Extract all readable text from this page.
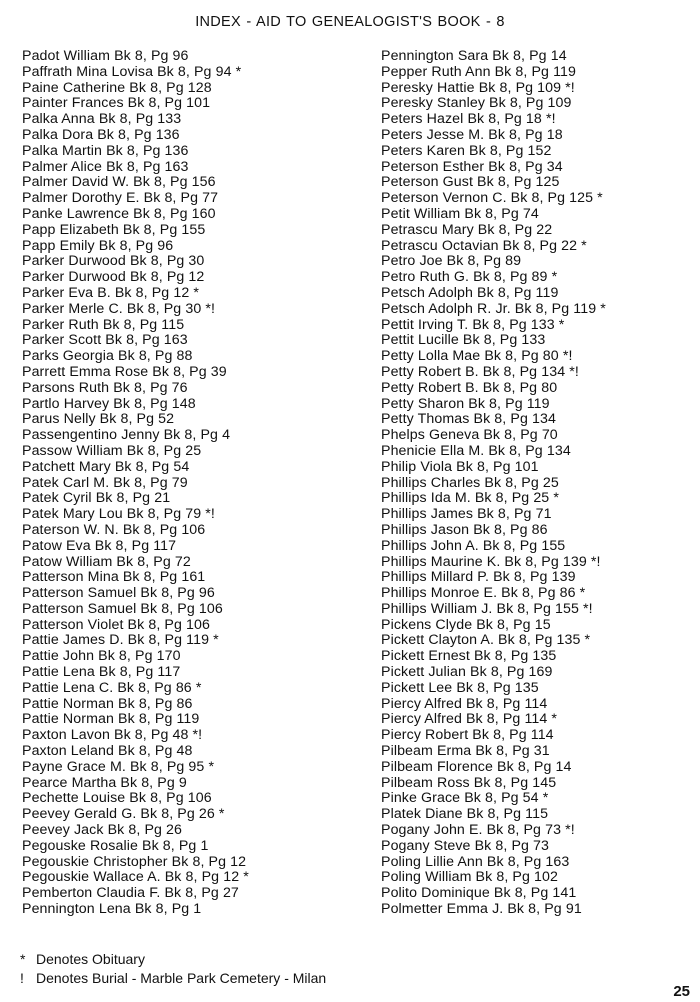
INDEX - AID TO GENEALOGIST'S BOOK - 8
Padot William Bk 8, Pg 96
Paffrath Mina Lovisa Bk 8, Pg 94 *
Paine Catherine Bk 8, Pg 128
Painter Frances Bk 8, Pg 101
Palka Anna Bk 8, Pg 133
Palka Dora Bk 8, Pg 136
Palka Martin Bk 8, Pg 136
Palmer Alice Bk 8, Pg 163
Palmer David W. Bk 8, Pg 156
Palmer Dorothy E. Bk 8, Pg 77
Panke Lawrence Bk 8, Pg 160
Papp Elizabeth Bk 8, Pg 155
Papp Emily Bk 8, Pg 96
Parker Durwood Bk 8, Pg 30
Parker Durwood Bk 8, Pg 12
Parker Eva B. Bk 8, Pg 12 *
Parker Merle C. Bk 8, Pg 30 *!
Parker Ruth Bk 8, Pg 115
Parker Scott Bk 8, Pg 163
Parks Georgia Bk 8, Pg 88
Parrett Emma Rose Bk 8, Pg 39
Parsons Ruth Bk 8, Pg 76
Partlo Harvey Bk 8, Pg 148
Parus Nelly Bk 8, Pg 52
Passengentino Jenny Bk 8, Pg 4
Passow William Bk 8, Pg 25
Patchett Mary Bk 8, Pg 54
Patek Carl M. Bk 8, Pg 79
Patek Cyril Bk 8, Pg 21
Patek Mary Lou Bk 8, Pg 79 *!
Paterson W. N. Bk 8, Pg 106
Patow Eva Bk 8, Pg 117
Patow William Bk 8, Pg 72
Patterson Mina Bk 8, Pg 161
Patterson Samuel Bk 8, Pg 96
Patterson Samuel Bk 8, Pg 106
Patterson Violet Bk 8, Pg 106
Pattie James D. Bk 8, Pg 119 *
Pattie John Bk 8, Pg 170
Pattie Lena Bk 8, Pg 117
Pattie Lena C. Bk 8, Pg 86 *
Pattie Norman Bk 8, Pg 86
Pattie Norman Bk 8, Pg 119
Paxton Lavon Bk 8, Pg 48 *!
Paxton Leland Bk 8, Pg 48
Payne Grace M. Bk 8, Pg 95 *
Pearce Martha Bk 8, Pg 9
Pechette Louise Bk 8, Pg 106
Peevey Gerald G. Bk 8, Pg 26 *
Peevey Jack Bk 8, Pg 26
Pegouske Rosalie Bk 8, Pg 1
Pegouskie Christopher Bk 8, Pg 12
Pegouskie Wallace A. Bk 8, Pg 12 *
Pemberton Claudia F. Bk 8, Pg 27
Pennington Lena Bk 8, Pg 1
Pennington Sara Bk 8, Pg 14
Pepper Ruth Ann Bk 8, Pg 119
Peresky Hattie Bk 8, Pg 109 *!
Peresky Stanley Bk 8, Pg 109
Peters Hazel Bk 8, Pg 18 *!
Peters Jesse M. Bk 8, Pg 18
Peters Karen Bk 8, Pg 152
Peterson Esther Bk 8, Pg 34
Peterson Gust Bk 8, Pg 125
Peterson Vernon C. Bk 8, Pg 125 *
Petit William Bk 8, Pg 74
Petrascu Mary Bk 8, Pg 22
Petrascu Octavian Bk 8, Pg 22 *
Petro Joe Bk 8, Pg 89
Petro Ruth G. Bk 8, Pg 89 *
Petsch Adolph Bk 8, Pg 119
Petsch Adolph R. Jr. Bk 8, Pg 119 *
Pettit Irving T. Bk 8, Pg 133 *
Pettit Lucille Bk 8, Pg 133
Petty Lolla Mae Bk 8, Pg 80 *!
Petty Robert B. Bk 8, Pg 134 *!
Petty Robert B. Bk 8, Pg 80
Petty Sharon Bk 8, Pg 119
Petty Thomas Bk 8, Pg 134
Phelps Geneva Bk 8, Pg 70
Phenicie Ella M. Bk 8, Pg 134
Philip Viola Bk 8, Pg 101
Phillips Charles Bk 8, Pg 25
Phillips Ida M. Bk 8, Pg 25 *
Phillips James Bk 8, Pg 71
Phillips Jason Bk 8, Pg 86
Phillips John A. Bk 8, Pg 155
Phillips Maurine K. Bk 8, Pg 139 *!
Phillips Millard P. Bk 8, Pg 139
Phillips Monroe E. Bk 8, Pg 86 *
Phillips William J. Bk 8, Pg 155 *!
Pickens Clyde Bk 8, Pg 15
Pickett Clayton A. Bk 8, Pg 135 *
Pickett Ernest Bk 8, Pg 135
Pickett Julian Bk 8, Pg 169
Pickett Lee Bk 8, Pg 135
Piercy Alfred Bk 8, Pg 114
Piercy Alfred Bk 8, Pg 114 *
Piercy Robert Bk 8, Pg 114
Pilbeam Erma Bk 8, Pg 31
Pilbeam Florence Bk 8, Pg 14
Pilbeam Ross Bk 8, Pg 145
Pinke Grace Bk 8, Pg 54 *
Platek Diane Bk 8, Pg 115
Pogany John E. Bk 8, Pg 73 *!
Pogany Steve Bk 8, Pg 73
Poling Lillie Ann Bk 8, Pg 163
Poling William Bk 8, Pg 102
Polito Dominique Bk 8, Pg 141
Polmetter Emma J. Bk 8, Pg 91
* Denotes Obituary
! Denotes Burial - Marble Park Cemetery - Milan
25
